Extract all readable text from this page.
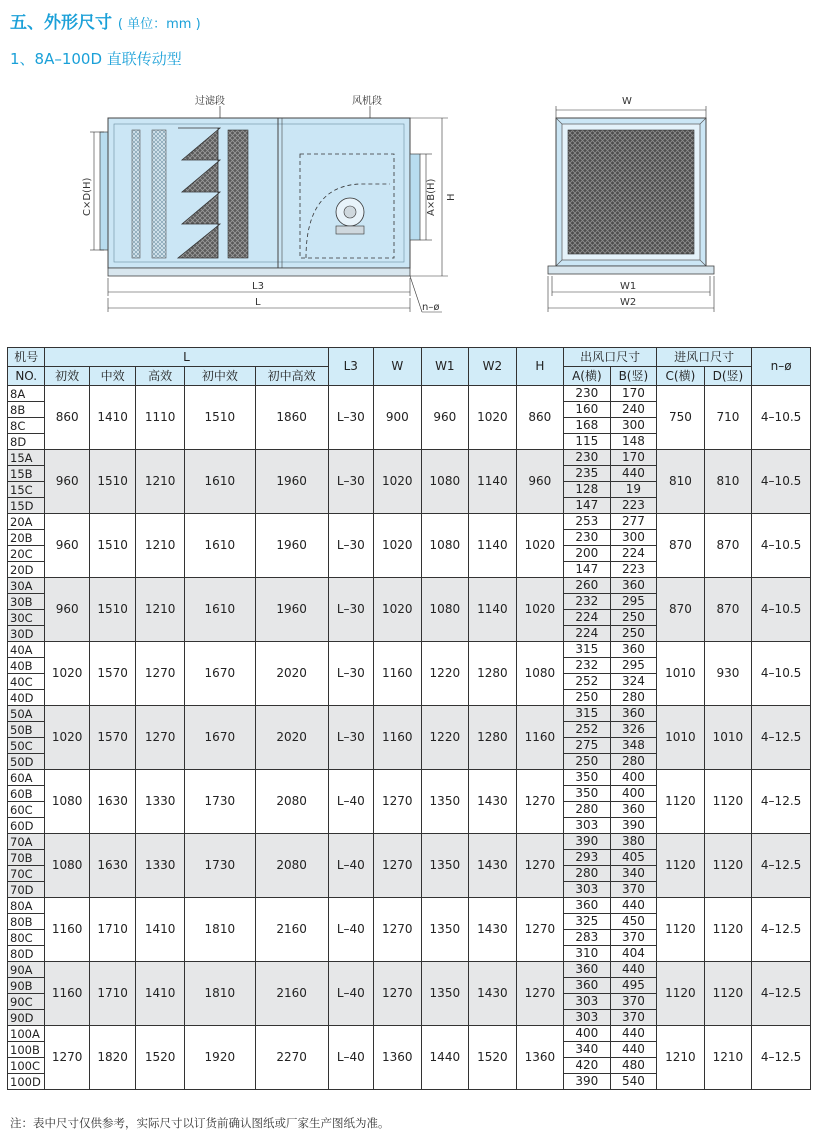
五、外形尺寸 ( 单位：mm )
1、8A–100D 直联传动型
过滤段	风机段
C×D(H)	A×B(H) H
L3
L	n–ø
W
W1
W2
机号	L					L3	W	W1	W2	H	出风口尺寸		进风口尺寸		n–ø
NO.	初效	中效	高效	初中效	初中高效						A(横)	B(竖)	C(横)	D(竖)	
8A	860	1410	1110	1510	1860	L–30	900	960	1020	860	230	170	750	710	4–10.5
8B											160	240			
8C											168	300			
8D											115	148			
15A	960	1510	1210	1610	1960	L–30	1020	1080	1140	960	230	170	810	810	4–10.5
15B											235	440			
15C											128	19			
15D											147	223			
20A	960	1510	1210	1610	1960	L–30	1020	1080	1140	1020	253	277	870	870	4–10.5
20B											230	300			
20C											200	224			
20D											147	223			
30A	960	1510	1210	1610	1960	L–30	1020	1080	1140	1020	260	360	870	870	4–10.5
30B											232	295			
30C											224	250			
30D											224	250			
40A	1020	1570	1270	1670	2020	L–30	1160	1220	1280	1080	315	360	1010	930	4–10.5
40B											232	295			
40C											252	324			
40D											250	280			
50A	1020	1570	1270	1670	2020	L–30	1160	1220	1280	1160	315	360	1010	1010	4–12.5
50B											252	326			
50C											275	348			
50D											250	280			
60A	1080	1630	1330	1730	2080	L–40	1270	1350	1430	1270	350	400	1120	1120	4–12.5
60B											350	400			
60C											280	360			
60D											303	390			
70A	1080	1630	1330	1730	2080	L–40	1270	1350	1430	1270	390	380	1120	1120	4–12.5
70B											293	405			
70C											280	340			
70D											303	370			
80A	1160	1710	1410	1810	2160	L–40	1270	1350	1430	1270	360	440	1120	1120	4–12.5
80B											325	450			
80C											283	370			
80D											310	404			
90A	1160	1710	1410	1810	2160	L–40	1270	1350	1430	1270	360	440	1120	1120	4–12.5
90B											360	495			
90C											303	370			
90D											303	370			
100A	1270	1820	1520	1920	2270	L–40	1360	1440	1520	1360	400	440	1210	1210	4–12.5
100B											340	440			
100C											420	480			
100D											390	540			
注：表中尺寸仅供参考，实际尺寸以订货前确认图纸或厂家生产图纸为准。
